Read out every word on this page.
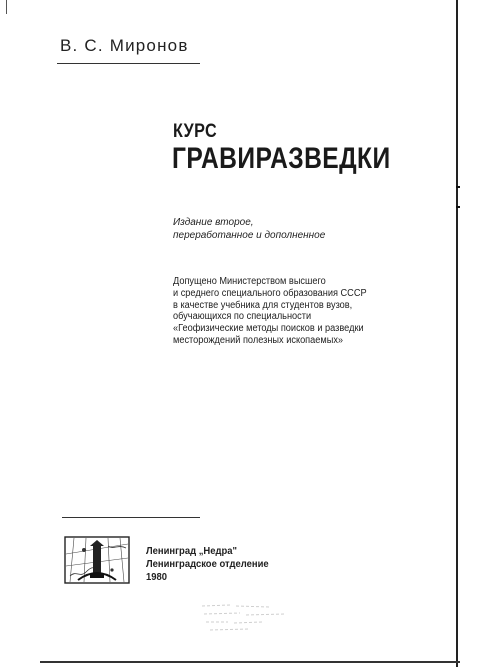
В. С. Миронов
КУРС
ГРАВИРАЗВЕДКИ
Издание второе,
переработанное и дополненное
Допущено Министерством высшего
и среднего специального образования СССР
в качестве учебника для студентов вузов,
обучающихся по специальности
«Геофизические методы поисков и разведки
месторождений полезных ископаемых»
Ленинград „Недра"
Ленинградское отделение
1980
